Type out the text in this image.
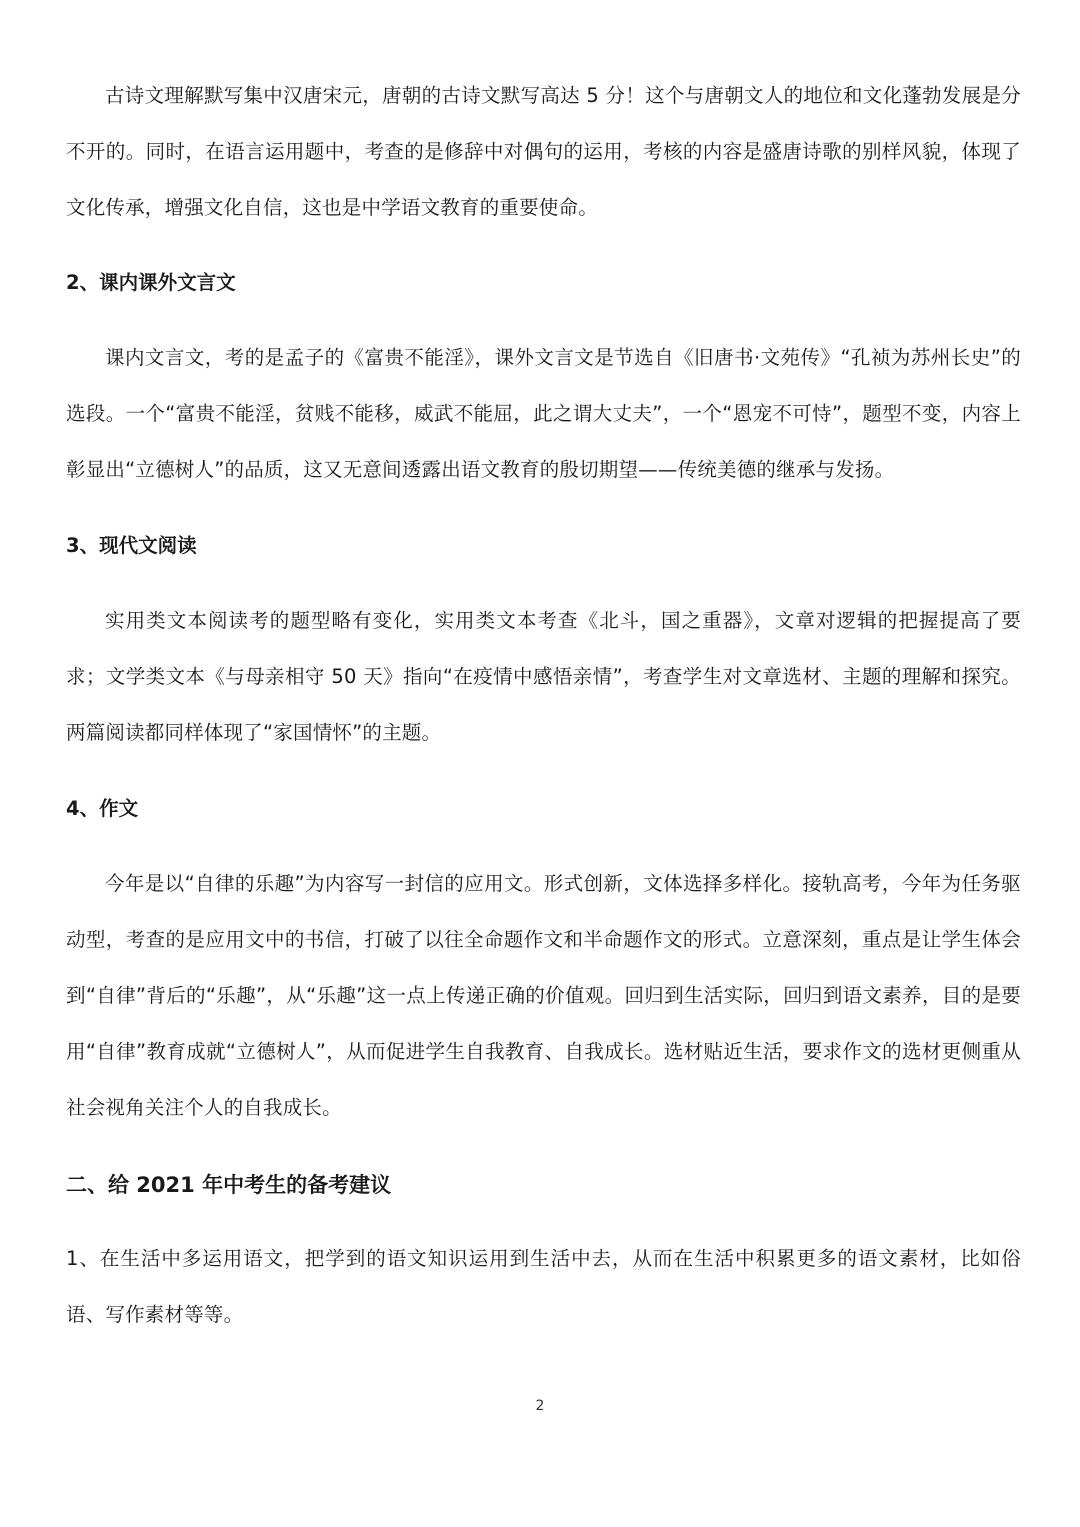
古诗文理解默写集中汉唐宋元，唐朝的古诗文默写高达 5 分！这个与唐朝文人的地位和文化蓬勃发展是分不开的。同时，在语言运用题中，考查的是修辞中对偶句的运用，考核的内容是盛唐诗歌的别样风貌，体现了文化传承，增强文化自信，这也是中学语文教育的重要使命。

2、课内课外文言文

课内文言文，考的是孟子的《富贵不能淫》，课外文言文是节选自《旧唐书·文苑传》“孔祯为苏州长史”的选段。一个“富贵不能淫，贫贱不能移，威武不能屈，此之谓大丈夫”，一个“恩宠不可恃”，题型不变，内容上彰显出“立德树人”的品质，这又无意间透露出语文教育的殷切期望——传统美德的继承与发扬。

3、现代文阅读

实用类文本阅读考的题型略有变化，实用类文本考查《北斗，国之重器》，文章对逻辑的把握提高了要求；文学类文本《与母亲相守 50 天》指向“在疫情中感悟亲情”，考查学生对文章选材、主题的理解和探究。两篇阅读都同样体现了“家国情怀”的主题。

4、作文

今年是以“自律的乐趣”为内容写一封信的应用文。形式创新，文体选择多样化。接轨高考，今年为任务驱动型，考查的是应用文中的书信，打破了以往全命题作文和半命题作文的形式。立意深刻，重点是让学生体会到“自律”背后的“乐趣”，从“乐趣”这一点上传递正确的价值观。回归到生活实际，回归到语文素养，目的是要用“自律”教育成就“立德树人”，从而促进学生自我教育、自我成长。选材贴近生活，要求作文的选材更侧重从社会视角关注个人的自我成长。

二、给 2021 年中考生的备考建议

1、在生活中多运用语文，把学到的语文知识运用到生活中去，从而在生活中积累更多的语文素材，比如俗语、写作素材等等。

2
